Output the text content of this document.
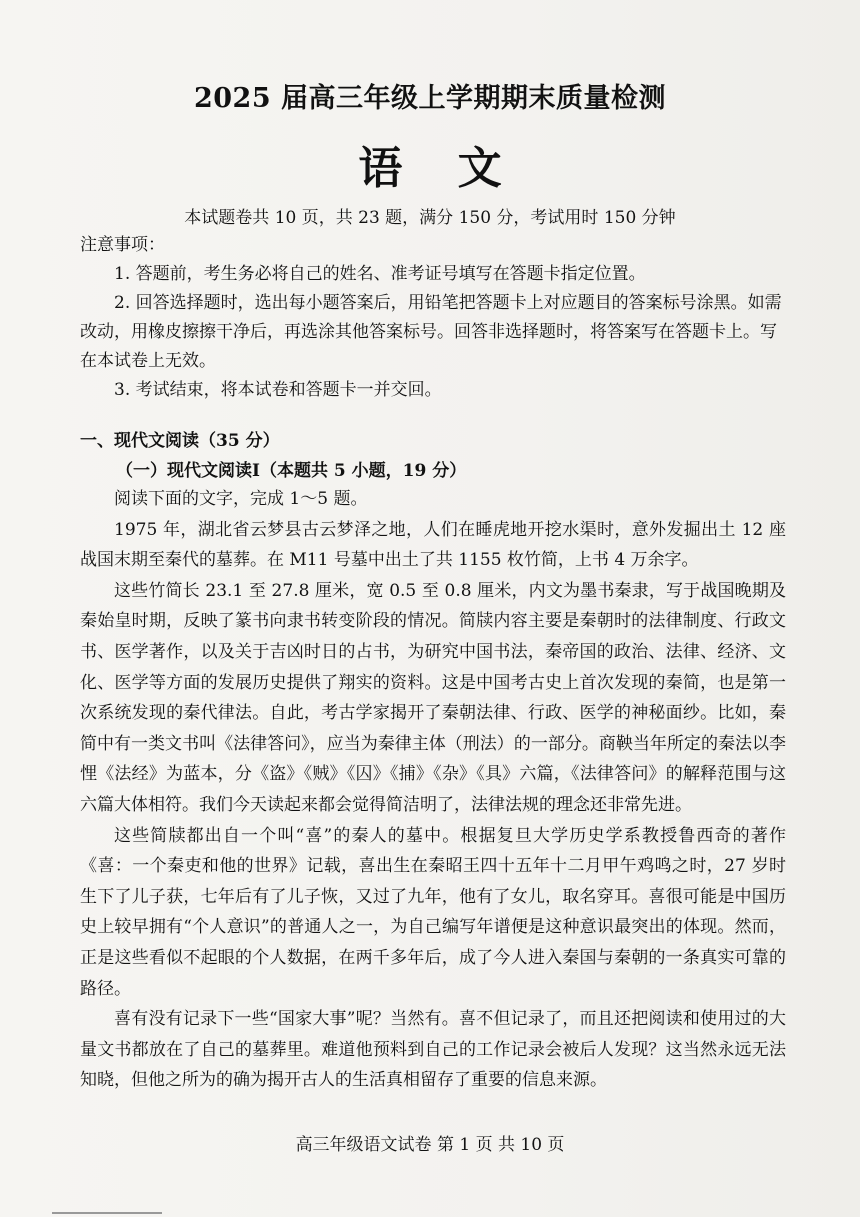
2025 届高三年级上学期期末质量检测
语 文
本试题卷共 10 页，共 23 题，满分 150 分，考试用时 150 分钟
注意事项：
1. 答题前，考生务必将自己的姓名、准考证号填写在答题卡指定位置。
2. 回答选择题时，选出每小题答案后，用铅笔把答题卡上对应题目的答案标号涂黑。如需改动，用橡皮擦擦干净后，再选涂其他答案标号。回答非选择题时，将答案写在答题卡上。写在本试卷上无效。
3. 考试结束，将本试卷和答题卡一并交回。
一、现代文阅读（35 分）
（一）现代文阅读Ⅰ（本题共 5 小题，19 分）

阅读下面的文字，完成 1～5 题。

1975 年，湖北省云梦县古云梦泽之地，人们在睡虎地开挖水渠时，意外发掘出土 12 座战国末期至秦代的墓葬。在 M11 号墓中出土了共 1155 枚竹简，上书 4 万余字。

这些竹简长 23.1 至 27.8 厘米，宽 0.5 至 0.8 厘米，内文为墨书秦隶，写于战国晚期及秦始皇时期，反映了篆书向隶书转变阶段的情况。简牍内容主要是秦朝时的法律制度、行政文书、医学著作，以及关于吉凶时日的占书，为研究中国书法，秦帝国的政治、法律、经济、文化、医学等方面的发展历史提供了翔实的资料。这是中国考古史上首次发现的秦简，也是第一次系统发现的秦代律法。自此，考古学家揭开了秦朝法律、行政、医学的神秘面纱。比如，秦简中有一类文书叫《法律答问》，应当为秦律主体（刑法）的一部分。商鞅当年所定的秦法以李悝《法经》为蓝本，分《盗》《贼》《囚》《捕》《杂》《具》六篇，《法律答问》的解释范围与这六篇大体相符。我们今天读起来都会觉得简洁明了，法律法规的理念还非常先进。

这些简牍都出自一个叫“喜”的秦人的墓中。根据复旦大学历史学系教授鲁西奇的著作《喜：一个秦吏和他的世界》记载，喜出生在秦昭王四十五年十二月甲午鸡鸣之时，27 岁时生下了儿子获，七年后有了儿子恢，又过了九年，他有了女儿，取名穿耳。喜很可能是中国历史上较早拥有“个人意识”的普通人之一，为自己编写年谱便是这种意识最突出的体现。然而，正是这些看似不起眼的个人数据，在两千多年后，成了今人进入秦国与秦朝的一条真实可靠的路径。

喜有没有记录下一些“国家大事”呢？当然有。喜不但记录了，而且还把阅读和使用过的大量文书都放在了自己的墓葬里。难道他预料到自己的工作记录会被后人发现？这当然永远无法知晓，但他之所为的确为揭开古人的生活真相留存了重要的信息来源。

高三年级语文试卷 第 1 页 共 10 页
